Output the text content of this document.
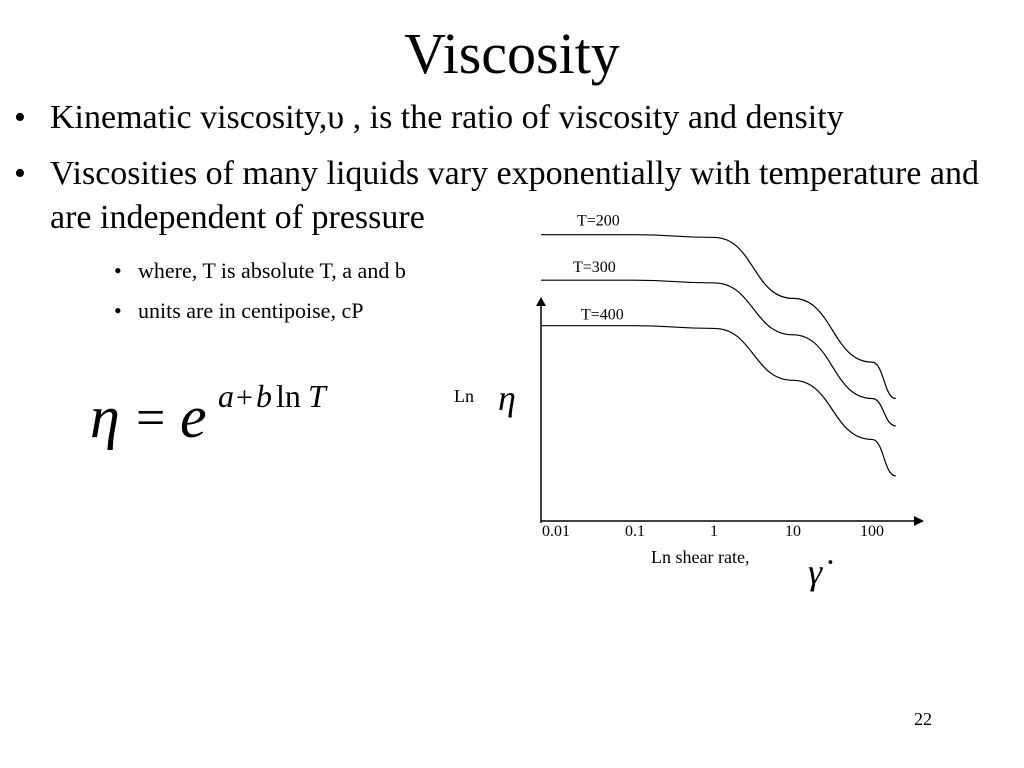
Viscosity
• Kinematic viscosity,υ , is the ratio of viscosity and density
• Viscosities of many liquids vary exponentially with temperature and are independent of pressure
• where, T is absolute T, a and b
• units are in centipoise, cP
η = e a + b ln T
0.01	0.1	1	10	100
T=200
T=300
T=400
Ln η
Ln shear rate, γ̇
22
